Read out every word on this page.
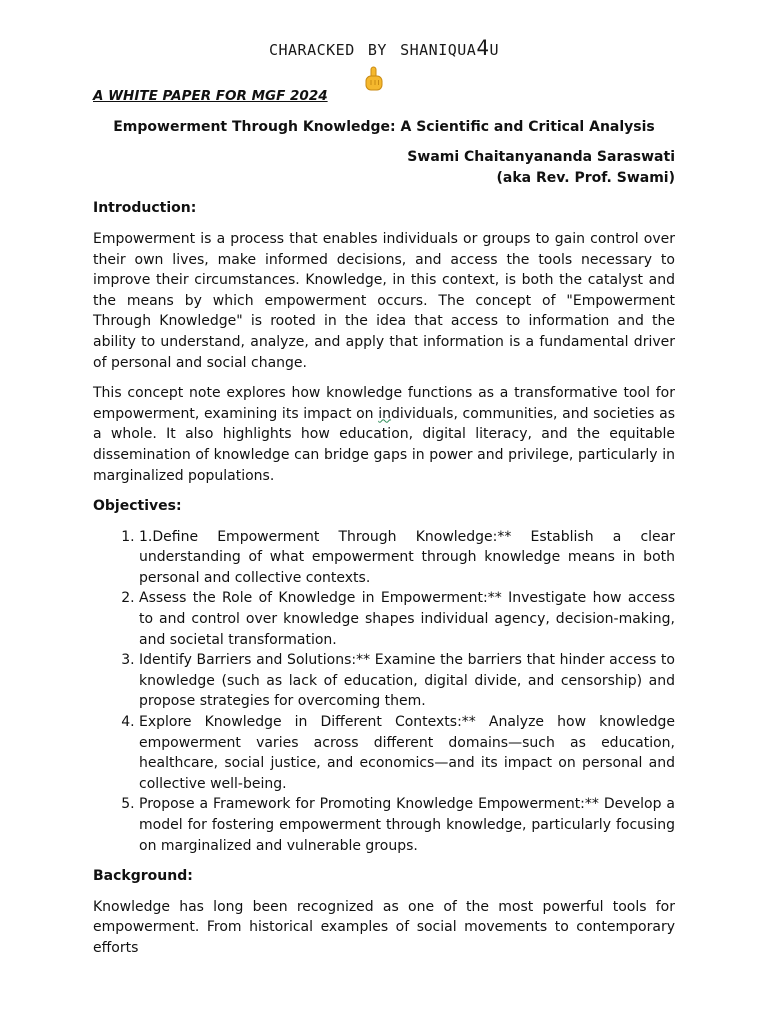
characked by shaniqua4u

A WHITE PAPER FOR MGF 2024

Empowerment Through Knowledge: A Scientific and Critical Analysis

Swami Chaitanyananda Saraswati
(aka Rev. Prof. Swami)

Introduction:

Empowerment is a process that enables individuals or groups to gain control over their own lives, make informed decisions, and access the tools necessary to improve their circumstances. Knowledge, in this context, is both the catalyst and the means by which empowerment occurs. The concept of "Empowerment Through Knowledge" is rooted in the idea that access to information and the ability to understand, analyze, and apply that information is a fundamental driver of personal and social change.

This concept note explores how knowledge functions as a transformative tool for empowerment, examining its impact on individuals, communities, and societies as a whole. It also highlights how education, digital literacy, and the equitable dissemination of knowledge can bridge gaps in power and privilege, particularly in marginalized populations.

Objectives:

1. 1.Define Empowerment Through Knowledge:** Establish a clear understanding of what empowerment through knowledge means in both personal and collective contexts.
2. Assess the Role of Knowledge in Empowerment:** Investigate how access to and control over knowledge shapes individual agency, decision-making, and societal transformation.
3. Identify Barriers and Solutions:** Examine the barriers that hinder access to knowledge (such as lack of education, digital divide, and censorship) and propose strategies for overcoming them.
4. Explore Knowledge in Different Contexts:** Analyze how knowledge empowerment varies across different domains—such as education, healthcare, social justice, and economics—and its impact on personal and collective well-being.
5. Propose a Framework for Promoting Knowledge Empowerment:** Develop a model for fostering empowerment through knowledge, particularly focusing on marginalized and vulnerable groups.

Background:

Knowledge has long been recognized as one of the most powerful tools for empowerment. From historical examples of social movements to contemporary efforts
